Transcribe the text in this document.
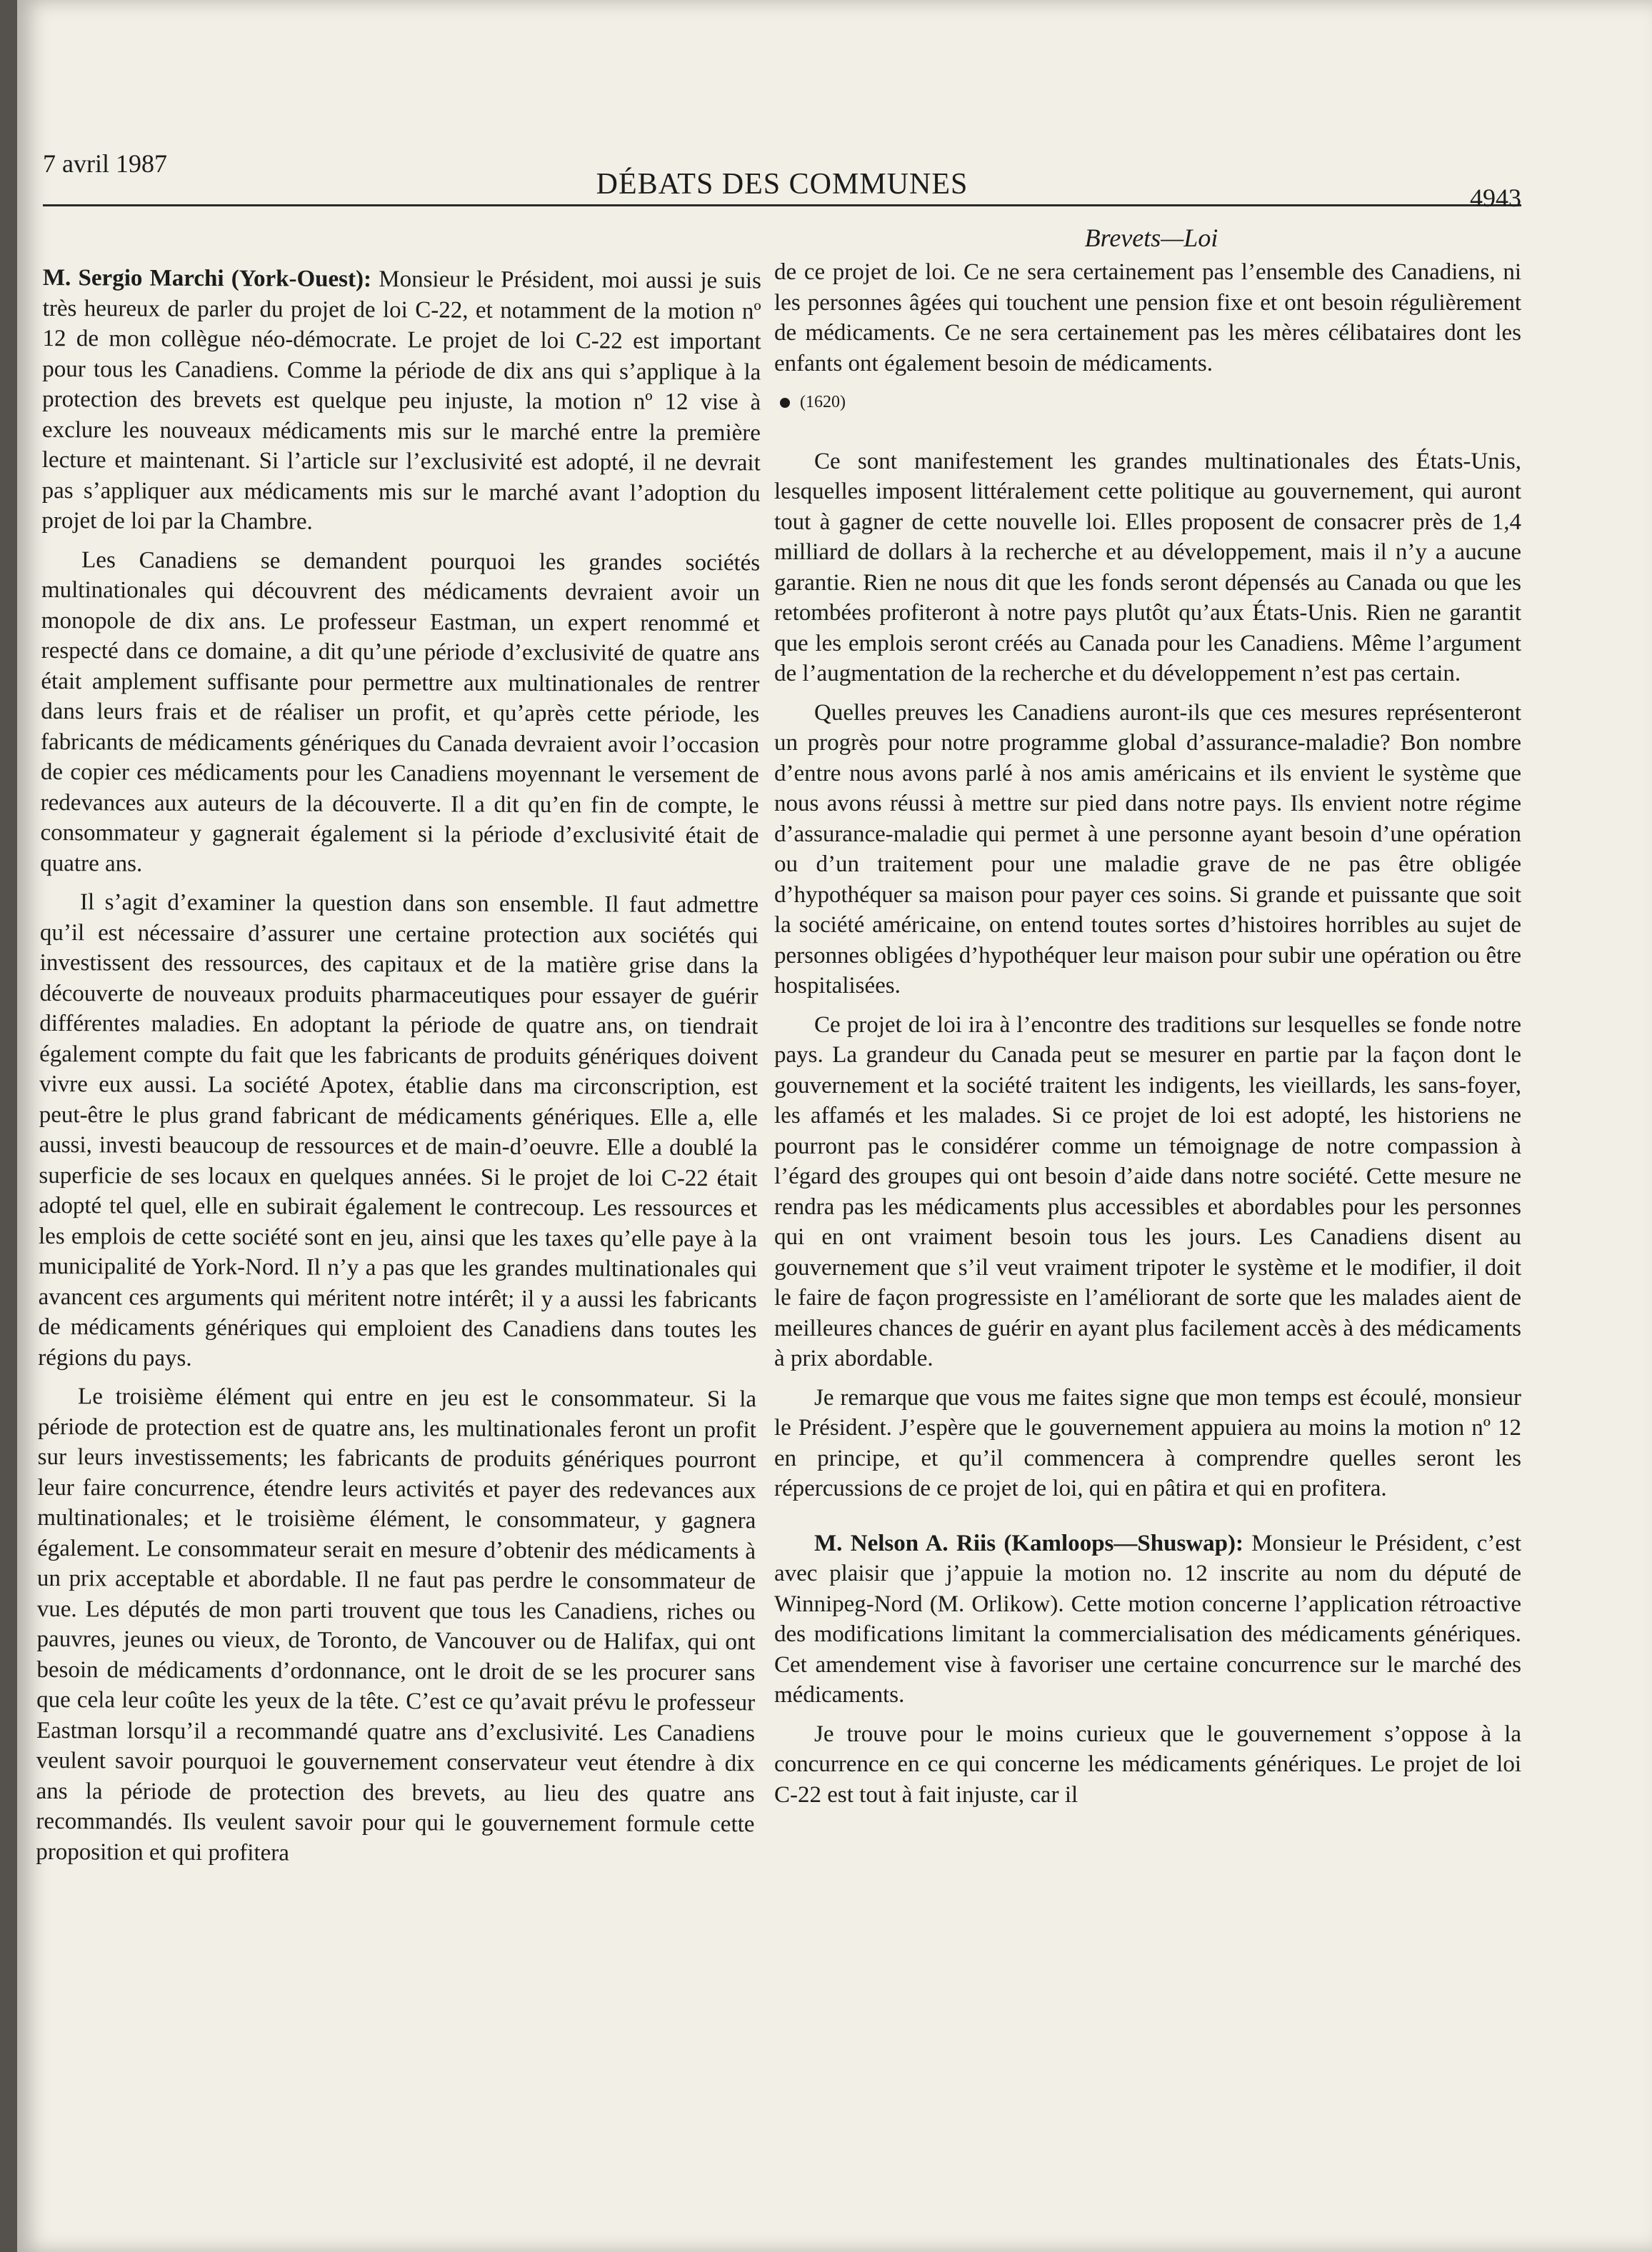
7 avril 1987
DÉBATS DES COMMUNES	4943
Brevets—Loi

M. Sergio Marchi (York-Ouest): Monsieur le Président, moi aussi je suis très heureux de parler du projet de loi C-22, et notamment de la motion nº 12 de mon collègue néo-démocrate. Le projet de loi C-22 est important pour tous les Canadiens. Comme la période de dix ans qui s’applique à la protection des brevets est quelque peu injuste, la motion nº 12 vise à exclure les nouveaux médicaments mis sur le marché entre la première lecture et maintenant. Si l’article sur l’exclusivité est adopté, il ne devrait pas s’appliquer aux médicaments mis sur le marché avant l’adoption du projet de loi par la Chambre.

Les Canadiens se demandent pourquoi les grandes sociétés multinationales qui découvrent des médicaments devraient avoir un monopole de dix ans. Le professeur Eastman, un expert renommé et respecté dans ce domaine, a dit qu’une période d’exclusivité de quatre ans était amplement suffisante pour permettre aux multinationales de rentrer dans leurs frais et de réaliser un profit, et qu’après cette période, les fabricants de médicaments génériques du Canada devraient avoir l’occasion de copier ces médicaments pour les Canadiens moyennant le versement de redevances aux auteurs de la découverte. Il a dit qu’en fin de compte, le consommateur y gagnerait également si la période d’exclusivité était de quatre ans.

Il s’agit d’examiner la question dans son ensemble. Il faut admettre qu’il est nécessaire d’assurer une certaine protection aux sociétés qui investissent des ressources, des capitaux et de la matière grise dans la découverte de nouveaux produits pharmaceutiques pour essayer de guérir différentes maladies. En adoptant la période de quatre ans, on tiendrait également compte du fait que les fabricants de produits génériques doivent vivre eux aussi. La société Apotex, établie dans ma circonscription, est peut-être le plus grand fabricant de médicaments génériques. Elle a, elle aussi, investi beaucoup de ressources et de main-d’oeuvre. Elle a doublé la superficie de ses locaux en quelques années. Si le projet de loi C-22 était adopté tel quel, elle en subirait également le contrecoup. Les ressources et les emplois de cette société sont en jeu, ainsi que les taxes qu’elle paye à la municipalité de York-Nord. Il n’y a pas que les grandes multinationales qui avancent ces arguments qui méritent notre intérêt; il y a aussi les fabricants de médicaments génériques qui emploient des Canadiens dans toutes les régions du pays.

Le troisième élément qui entre en jeu est le consommateur. Si la période de protection est de quatre ans, les multinationales feront un profit sur leurs investissements; les fabricants de produits génériques pourront leur faire concurrence, étendre leurs activités et payer des redevances aux multinationales; et le troisième élément, le consommateur, y gagnera également. Le consommateur serait en mesure d’obtenir des médicaments à un prix acceptable et abordable. Il ne faut pas perdre le consommateur de vue. Les députés de mon parti trouvent que tous les Canadiens, riches ou pauvres, jeunes ou vieux, de Toronto, de Vancouver ou de Halifax, qui ont besoin de médicaments d’ordonnance, ont le droit de se les procurer sans que cela leur coûte les yeux de la tête. C’est ce qu’avait prévu le professeur Eastman lorsqu’il a recommandé quatre ans d’exclusivité. Les Canadiens veulent savoir pourquoi le gouvernement conservateur veut étendre à dix ans la période de protection des brevets, au lieu des quatre ans recommandés. Ils veulent savoir pour qui le gouvernement formule cette proposition et qui profitera

de ce projet de loi. Ce ne sera certainement pas l’ensemble des Canadiens, ni les personnes âgées qui touchent une pension fixe et ont besoin régulièrement de médicaments. Ce ne sera certainement pas les mères célibataires dont les enfants ont également besoin de médicaments.

(1620)

Ce sont manifestement les grandes multinationales des États-Unis, lesquelles imposent littéralement cette politique au gouvernement, qui auront tout à gagner de cette nouvelle loi. Elles proposent de consacrer près de 1,4 milliard de dollars à la recherche et au développement, mais il n’y a aucune garantie. Rien ne nous dit que les fonds seront dépensés au Canada ou que les retombées profiteront à notre pays plutôt qu’aux États-Unis. Rien ne garantit que les emplois seront créés au Canada pour les Canadiens. Même l’argument de l’augmentation de la recherche et du développement n’est pas certain.

Quelles preuves les Canadiens auront-ils que ces mesures représenteront un progrès pour notre programme global d’assurance-maladie? Bon nombre d’entre nous avons parlé à nos amis américains et ils envient le système que nous avons réussi à mettre sur pied dans notre pays. Ils envient notre régime d’assurance-maladie qui permet à une personne ayant besoin d’une opération ou d’un traitement pour une maladie grave de ne pas être obligée d’hypothéquer sa maison pour payer ces soins. Si grande et puissante que soit la société américaine, on entend toutes sortes d’histoires horribles au sujet de personnes obligées d’hypothéquer leur maison pour subir une opération ou être hospitalisées.

Ce projet de loi ira à l’encontre des traditions sur lesquelles se fonde notre pays. La grandeur du Canada peut se mesurer en partie par la façon dont le gouvernement et la société traitent les indigents, les vieillards, les sans-foyer, les affamés et les malades. Si ce projet de loi est adopté, les historiens ne pourront pas le considérer comme un témoignage de notre compassion à l’égard des groupes qui ont besoin d’aide dans notre société. Cette mesure ne rendra pas les médicaments plus accessibles et abordables pour les personnes qui en ont vraiment besoin tous les jours. Les Canadiens disent au gouvernement que s’il veut vraiment tripoter le système et le modifier, il doit le faire de façon progressiste en l’améliorant de sorte que les malades aient de meilleures chances de guérir en ayant plus facilement accès à des médicaments à prix abordable.

Je remarque que vous me faites signe que mon temps est écoulé, monsieur le Président. J’espère que le gouvernement appuiera au moins la motion nº 12 en principe, et qu’il commencera à comprendre quelles seront les répercussions de ce projet de loi, qui en pâtira et qui en profitera.

M. Nelson A. Riis (Kamloops—Shuswap): Monsieur le Président, c’est avec plaisir que j’appuie la motion no. 12 inscrite au nom du député de Winnipeg-Nord (M. Orlikow). Cette motion concerne l’application rétroactive des modifications limitant la commercialisation des médicaments génériques. Cet amendement vise à favoriser une certaine concurrence sur le marché des médicaments.

Je trouve pour le moins curieux que le gouvernement s’oppose à la concurrence en ce qui concerne les médicaments génériques. Le projet de loi C-22 est tout à fait injuste, car il
